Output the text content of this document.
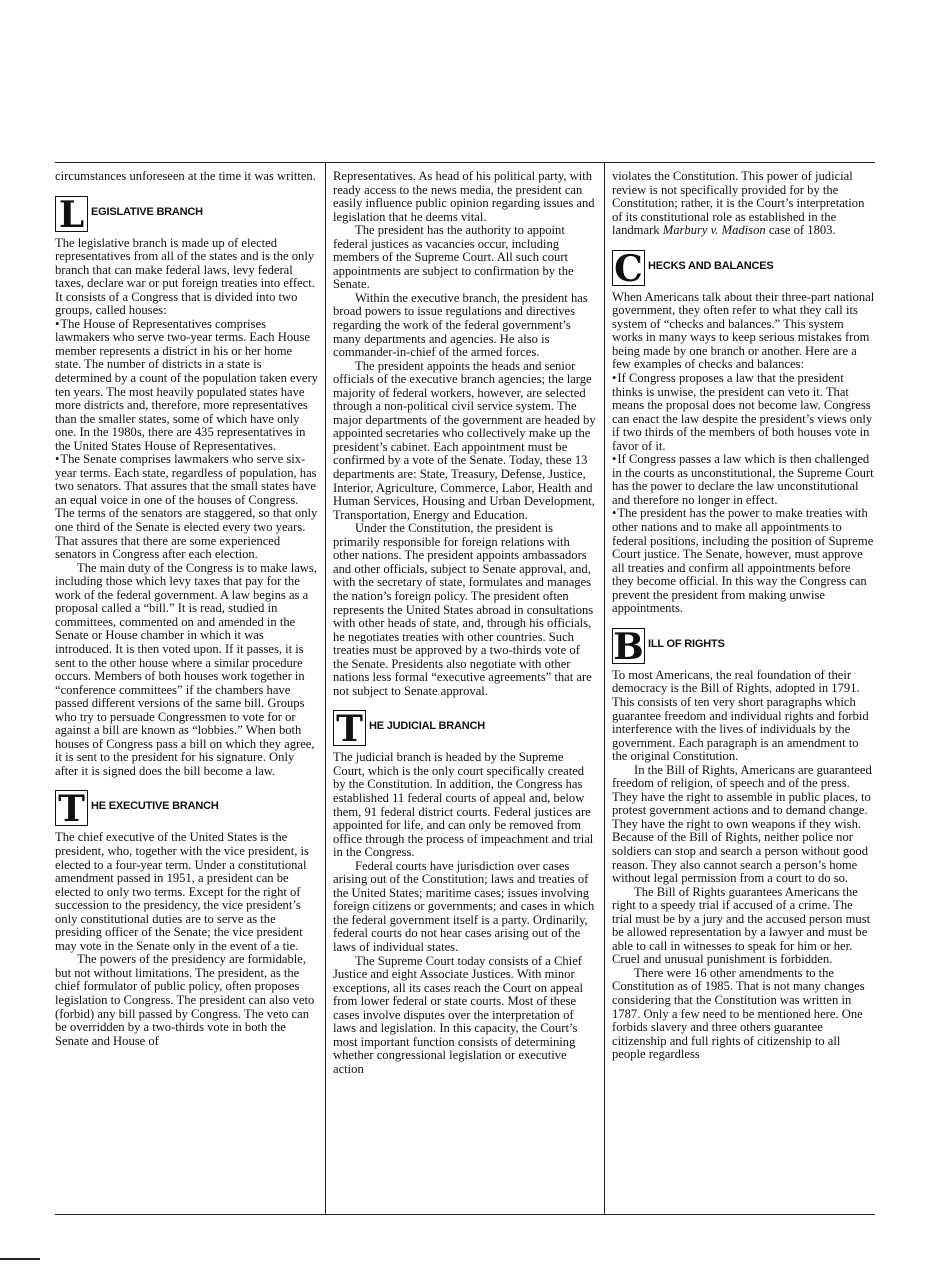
circumstances unforeseen at the time it was written.

L EGISLATIVE BRANCH

The legislative branch is made up of elected representatives from all of the states and is the only branch that can make federal laws, levy federal taxes, declare war or put foreign treaties into effect. It consists of a Congress that is divided into two groups, called houses:

• The House of Representatives comprises lawmakers who serve two-year terms. Each House member represents a district in his or her home state. The number of districts in a state is determined by a count of the population taken every ten years. The most heavily populated states have more districts and, therefore, more representatives than the smaller states, some of which have only one. In the 1980s, there are 435 representatives in the United States House of Representatives.

• The Senate comprises lawmakers who serve six-year terms. Each state, regardless of population, has two senators. That assures that the small states have an equal voice in one of the houses of Congress. The terms of the senators are staggered, so that only one third of the Senate is elected every two years. That assures that there are some experienced senators in Congress after each election.

The main duty of the Congress is to make laws, including those which levy taxes that pay for the work of the federal government. A law begins as a proposal called a “bill.” It is read, studied in committees, commented on and amended in the Senate or House chamber in which it was introduced. It is then voted upon. If it passes, it is sent to the other house where a similar procedure occurs. Members of both houses work together in “conference committees” if the chambers have passed different versions of the same bill. Groups who try to persuade Congressmen to vote for or against a bill are known as “lobbies.” When both houses of Congress pass a bill on which they agree, it is sent to the president for his signature. Only after it is signed does the bill become a law.

T HE EXECUTIVE BRANCH

The chief executive of the United States is the president, who, together with the vice president, is elected to a four-year term. Under a constitutional amendment passed in 1951, a president can be elected to only two terms. Except for the right of succession to the presidency, the vice president’s only constitutional duties are to serve as the presiding officer of the Senate; the vice president may vote in the Senate only in the event of a tie.

The powers of the presidency are formidable, but not without limitations. The president, as the chief formulator of public policy, often proposes legislation to Congress. The president can also veto (forbid) any bill passed by Congress. The veto can be overridden by a two-thirds vote in both the Senate and House of

Representatives. As head of his political party, with ready access to the news media, the president can easily influence public opinion regarding issues and legislation that he deems vital.

The president has the authority to appoint federal justices as vacancies occur, including members of the Supreme Court. All such court appointments are subject to confirmation by the Senate.

Within the executive branch, the president has broad powers to issue regulations and directives regarding the work of the federal government’s many departments and agencies. He also is commander-in-chief of the armed forces.

The president appoints the heads and senior officials of the executive branch agencies; the large majority of federal workers, however, are selected through a non-political civil service system. The major departments of the government are headed by appointed secretaries who collectively make up the president’s cabinet. Each appointment must be confirmed by a vote of the Senate. Today, these 13 departments are: State, Treasury, Defense, Justice, Interior, Agriculture, Commerce, Labor, Health and Human Services, Housing and Urban Development, Transportation, Energy and Education.

Under the Constitution, the president is primarily responsible for foreign relations with other nations. The president appoints ambassadors and other officials, subject to Senate approval, and, with the secretary of state, formulates and manages the nation’s foreign policy. The president often represents the United States abroad in consultations with other heads of state, and, through his officials, he negotiates treaties with other countries. Such treaties must be approved by a two-thirds vote of the Senate. Presidents also negotiate with other nations less formal “executive agreements” that are not subject to Senate approval.

T HE JUDICIAL BRANCH

The judicial branch is headed by the Supreme Court, which is the only court specifically created by the Constitution. In addition, the Congress has established 11 federal courts of appeal and, below them, 91 federal district courts. Federal justices are appointed for life, and can only be removed from office through the process of impeachment and trial in the Congress.

Federal courts have jurisdiction over cases arising out of the Constitution; laws and treaties of the United States; maritime cases; issues involving foreign citizens or governments; and cases in which the federal government itself is a party. Ordinarily, federal courts do not hear cases arising out of the laws of individual states.

The Supreme Court today consists of a Chief Justice and eight Associate Justices. With minor exceptions, all its cases reach the Court on appeal from lower federal or state courts. Most of these cases involve disputes over the interpretation of laws and legislation. In this capacity, the Court’s most important function consists of determining whether congressional legislation or executive action

violates the Constitution. This power of judicial review is not specifically provided for by the Constitution; rather, it is the Court’s interpretation of its constitutional role as established in the landmark Marbury v. Madison case of 1803.

C HECKS AND BALANCES

When Americans talk about their three-part national government, they often refer to what they call its system of “checks and balances.” This system works in many ways to keep serious mistakes from being made by one branch or another. Here are a few examples of checks and balances:

• If Congress proposes a law that the president thinks is unwise, the president can veto it. That means the proposal does not become law. Congress can enact the law despite the president’s views only if two thirds of the members of both houses vote in favor of it.

• If Congress passes a law which is then challenged in the courts as unconstitutional, the Supreme Court has the power to declare the law unconstitutional and therefore no longer in effect.

• The president has the power to make treaties with other nations and to make all appointments to federal positions, including the position of Supreme Court justice. The Senate, however, must approve all treaties and confirm all appointments before they become official. In this way the Congress can prevent the president from making unwise appointments.

B ILL OF RIGHTS

To most Americans, the real foundation of their democracy is the Bill of Rights, adopted in 1791. This consists of ten very short paragraphs which guarantee freedom and individual rights and forbid interference with the lives of individuals by the government. Each paragraph is an amendment to the original Constitution.

In the Bill of Rights, Americans are guaranteed freedom of religion, of speech and of the press. They have the right to assemble in public places, to protest government actions and to demand change. They have the right to own weapons if they wish. Because of the Bill of Rights, neither police nor soldiers can stop and search a person without good reason. They also cannot search a person’s home without legal permission from a court to do so.

The Bill of Rights guarantees Americans the right to a speedy trial if accused of a crime. The trial must be by a jury and the accused person must be allowed representation by a lawyer and must be able to call in witnesses to speak for him or her. Cruel and unusual punishment is forbidden.

There were 16 other amendments to the Constitution as of 1985. That is not many changes considering that the Constitution was written in 1787. Only a few need to be mentioned here. One forbids slavery and three others guarantee citizenship and full rights of citizenship to all people regardless
